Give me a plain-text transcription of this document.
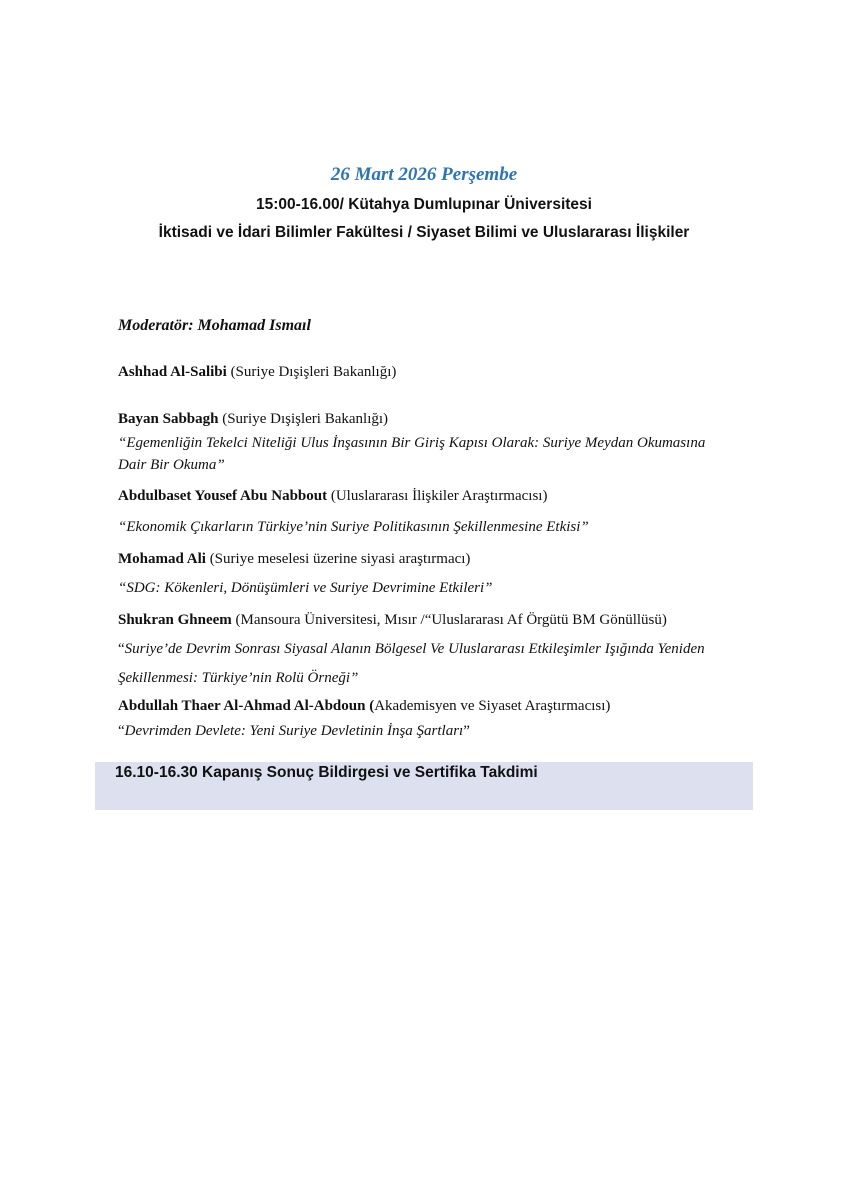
26 Mart 2026 Perşembe
15:00-16.00/ Kütahya Dumlupınar Üniversitesi
İktisadi ve İdari Bilimler Fakültesi / Siyaset Bilimi ve Uluslararası İlişkiler
Moderatör: Mohamad Ismaıl
Ashhad Al-Salibi (Suriye Dışişleri Bakanlığı)
Bayan Sabbagh (Suriye Dışişleri Bakanlığı)
“Egemenliğin Tekelci Niteliği Ulus İnşasının Bir Giriş Kapısı Olarak: Suriye Meydan Okumasına
Dair Bir Okuma”
Abdulbaset Yousef Abu Nabbout (Uluslararası İlişkiler Araştırmacısı)
“Ekonomik Çıkarların Türkiye’nin Suriye Politikasının Şekillenmesine Etkisi”
Mohamad Ali (Suriye meselesi üzerine siyasi araştırmacı)
“SDG: Kökenleri, Dönüşümleri ve Suriye Devrimine Etkileri”
Shukran Ghneem (Mansoura Üniversitesi, Mısır /“Uluslararası Af Örgütü BM Gönüllüsü)
“Suriye’de Devrim Sonrası Siyasal Alanın Bölgesel Ve Uluslararası Etkileşimler Işığında Yeniden
Şekillenmesi: Türkiye’nin Rolü Örneği”
Abdullah Thaer Al-Ahmad Al-Abdoun (Akademisyen ve Siyaset Araştırmacısı)
“Devrimden Devlete: Yeni Suriye Devletinin İnşa Şartları”
16.10-16.30 Kapanış Sonuç Bildirgesi ve Sertifika Takdimi
